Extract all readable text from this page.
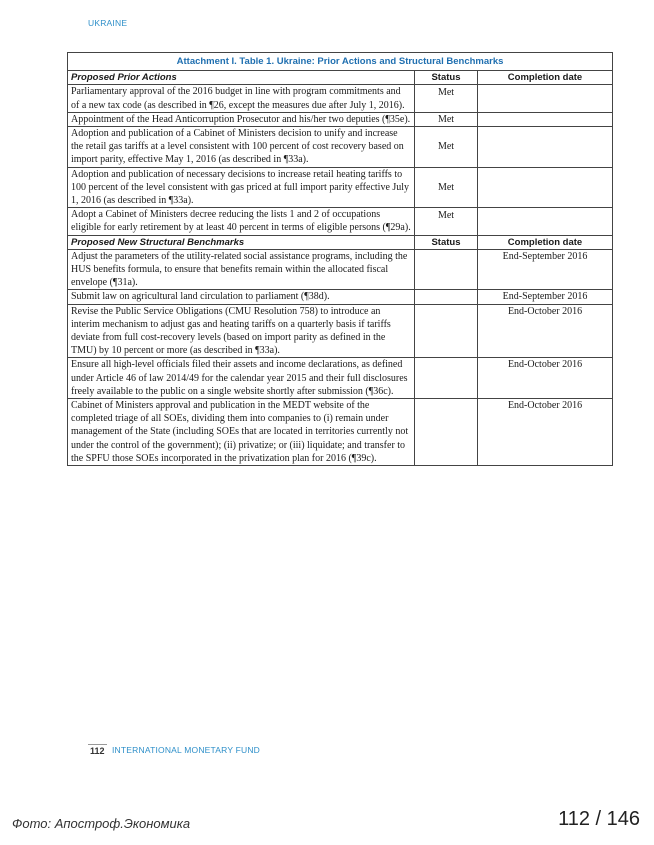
UKRAINE
Attachment I. Table 1. Ukraine: Prior Actions and Structural Benchmarks		
Proposed Prior Actions	Status	Completion date
Parliamentary approval of the 2016 budget in line with program commitments and of a new tax code (as described in ¶26, except the measures due after July 1, 2016).	Met	
Appointment of the Head Anticorruption Prosecutor and his/her two deputies (¶35e).	Met	
Adoption and publication of a Cabinet of Ministers decision to unify and increase the retail gas tariffs at a level consistent with 100 percent of cost recovery based on import parity, effective May 1, 2016 (as described in ¶33a).	Met	
Adoption and publication of necessary decisions to increase retail heating tariffs to 100 percent of the level consistent with gas priced at full import parity effective July 1, 2016 (as described in ¶33a).	Met	
Adopt a Cabinet of Ministers decree reducing the lists 1 and 2 of occupations eligible for early retirement by at least 40 percent in terms of eligible persons (¶29a).	Met	
Proposed New Structural Benchmarks	Status	Completion date
Adjust the parameters of the utility-related social assistance programs, including the HUS benefits formula, to ensure that benefits remain within the allocated fiscal envelope (¶31a).		End-September 2016
Submit law on agricultural land circulation to parliament (¶38d).		End-September 2016
Revise the Public Service Obligations (CMU Resolution 758) to introduce an interim mechanism to adjust gas and heating tariffs on a quarterly basis if tariffs deviate from full cost-recovery levels (based on import parity as defined in the TMU) by 10 percent or more (as described in ¶33a).		End-October 2016
Ensure all high-level officials filed their assets and income declarations, as defined under Article 46 of law 2014/49 for the calendar year 2015 and their full disclosures freely available to the public on a single website shortly after submission (¶36c).		End-October 2016
Cabinet of Ministers approval and publication in the MEDT website of the completed triage of all SOEs, dividing them into companies to (i) remain under management of the State (including SOEs that are located in territories currently not under the control of the government); (ii) privatize; or (iii) liquidate; and transfer to the SPFU those SOEs incorporated in the privatization plan for 2016 (¶39c).		End-October 2016
112 INTERNATIONAL MONETARY FUND
Фото: Апостроф.Экономика	112 / 146
